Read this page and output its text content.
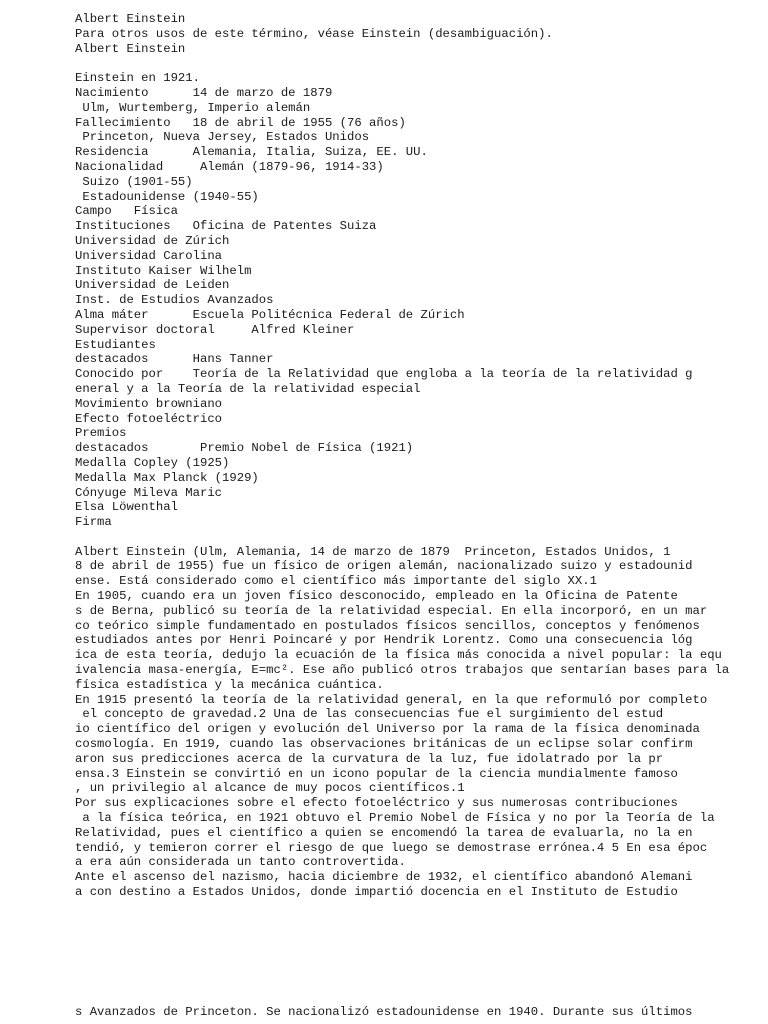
Albert Einstein
Para otros usos de este término, véase Einstein (desambiguación).
Albert Einstein
Einstein en 1921.
Nacimiento      14 de marzo de 1879
Ulm, Wurtemberg, Imperio alemán
Fallecimiento   18 de abril de 1955 (76 años)
Princeton, Nueva Jersey, Estados Unidos
Residencia      Alemania, Italia, Suiza, EE. UU.
Nacionalidad     Alemán (1879-96, 1914-33)
Suizo (1901-55)
Estadounidense (1940-55)
Campo   Física
Instituciones   Oficina de Patentes Suiza
Universidad de Zúrich
Universidad Carolina
Instituto Kaiser Wilhelm
Universidad de Leiden
Inst. de Estudios Avanzados
Alma máter      Escuela Politécnica Federal de Zúrich
Supervisor doctoral     Alfred Kleiner
Estudiantes
destacados      Hans Tanner
Conocido por    Teoría de la Relatividad que engloba a la teoría de la relatividad g
eneral y a la Teoría de la relatividad especial
Movimiento browniano
Efecto fotoeléctrico
Premios
destacados       Premio Nobel de Física (1921)
Medalla Copley (1925)
Medalla Max Planck (1929)
Cónyuge Mileva Maric
Elsa Löwenthal
Firma
Albert Einstein (Ulm, Alemania, 14 de marzo de 1879  Princeton, Estados Unidos, 1
8 de abril de 1955) fue un físico de origen alemán, nacionalizado suizo y estadounid
ense. Está considerado como el científico más importante del siglo XX.1
En 1905, cuando era un joven físico desconocido, empleado en la Oficina de Patente
s de Berna, publicó su teoría de la relatividad especial. En ella incorporó, en un mar
co teórico simple fundamentado en postulados físicos sencillos, conceptos y fenómenos
estudiados antes por Henri Poincaré y por Hendrik Lorentz. Como una consecuencia lóg
ica de esta teoría, dedujo la ecuación de la física más conocida a nivel popular: la equ
ivalencia masa-energía, E=mc². Ese año publicó otros trabajos que sentarían bases para la
física estadística y la mecánica cuántica.
En 1915 presentó la teoría de la relatividad general, en la que reformuló por completo
el concepto de gravedad.2 Una de las consecuencias fue el surgimiento del estud
io científico del origen y evolución del Universo por la rama de la física denominada
cosmología. En 1919, cuando las observaciones británicas de un eclipse solar confirm
aron sus predicciones acerca de la curvatura de la luz, fue idolatrado por la pr
ensa.3 Einstein se convirtió en un icono popular de la ciencia mundialmente famoso
, un privilegio al alcance de muy pocos científicos.1
Por sus explicaciones sobre el efecto fotoeléctrico y sus numerosas contribuciones
a la física teórica, en 1921 obtuvo el Premio Nobel de Física y no por la Teoría de la
Relatividad, pues el científico a quien se encomendó la tarea de evaluarla, no la en
tendió, y temieron correr el riesgo de que luego se demostrase errónea.4 5 En esa époc
a era aún considerada un tanto controvertida.
Ante el ascenso del nazismo, hacia diciembre de 1932, el científico abandonó Alemani
a con destino a Estados Unidos, donde impartió docencia en el Instituto de Estudio
s Avanzados de Princeton. Se nacionalizó estadounidense en 1940. Durante sus últimos
